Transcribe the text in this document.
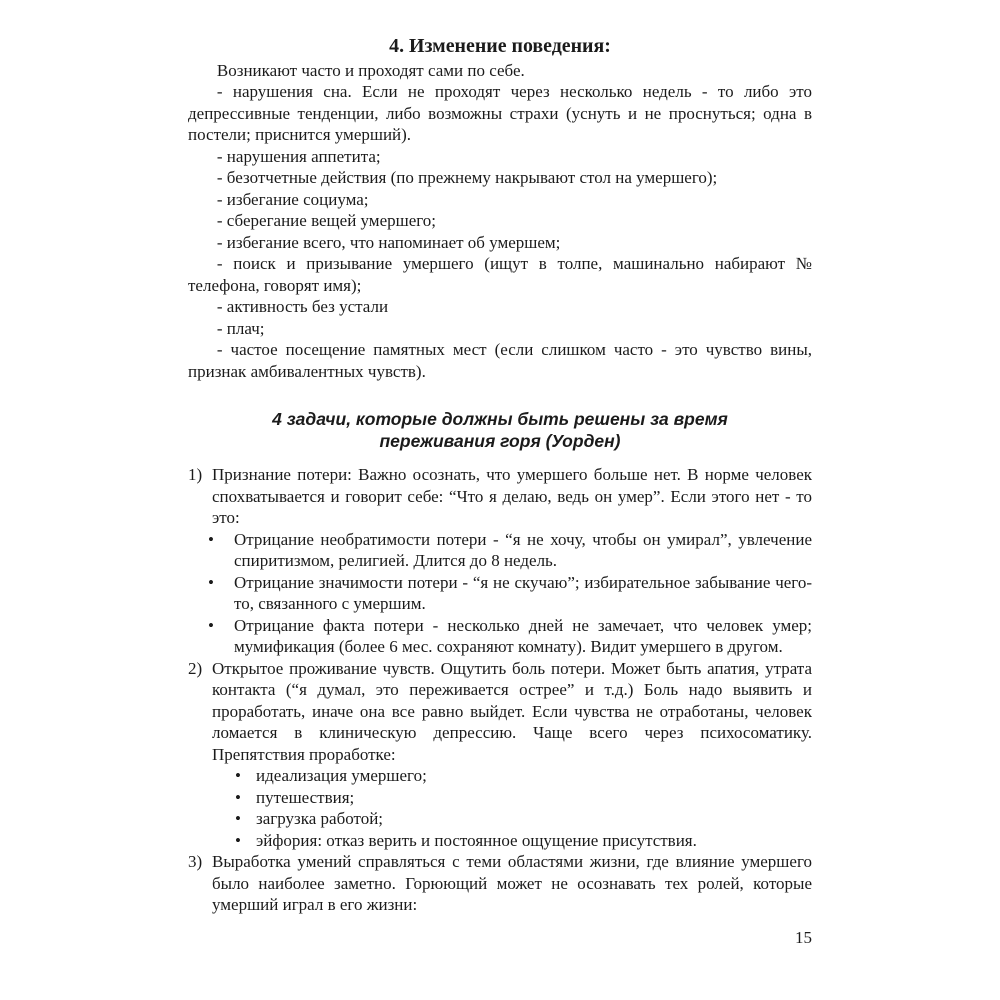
4. Изменение поведения:

Возникают часто и проходят сами по себе.

- нарушения сна. Если не проходят через несколько недель - то либо это депрессивные тенденции, либо возможны страхи (уснуть и не проснуться; одна в постели; приснится умерший).

- нарушения аппетита;

- безотчетные действия (по прежнему накрывают стол на умершего);

- избегание социума;

- сберегание вещей умершего;

- избегание всего, что напоминает об умершем;

- поиск и призывание умершего (ищут в толпе, машинально набирают № телефона, говорят имя);

- активность без устали

- плач;

- частое посещение памятных мест (если слишком часто - это чувство вины, признак амбивалентных чувств).

4 задачи, которые должны быть решены за время переживания горя (Уорден)

1) Признание потери: Важно осознать, что умершего больше нет. В норме человек спохватывается и говорит себе: “Что я делаю, ведь он умер”. Если этого нет - то это:

• Отрицание необратимости потери - “я не хочу, чтобы он умирал”, увлечение спиритизмом, религией. Длится до 8 недель.

• Отрицание значимости потери - “я не скучаю”; избирательное забывание чего-то, связанного с умершим.

• Отрицание факта потери - несколько дней не замечает, что человек умер; мумификация (более 6 мес. сохраняют комнату). Видит умершего в другом.

2) Открытое проживание чувств. Ощутить боль потери. Может быть апатия, утрата контакта (“я думал, это переживается острее” и т.д.) Боль надо выявить и проработать, иначе она все равно выйдет. Если чувства не отработаны, человек ломается в клиническую депрессию. Чаще всего через психосоматику. Препятствия проработке:

• идеализация умершего;

• путешествия;

• загрузка работой;

• эйфория: отказ верить и постоянное ощущение присутствия.

3) Выработка умений справляться с теми областями жизни, где влияние умершего было наиболее заметно. Горюющий может не осознавать тех ролей, которые умерший играл в его жизни:

15
